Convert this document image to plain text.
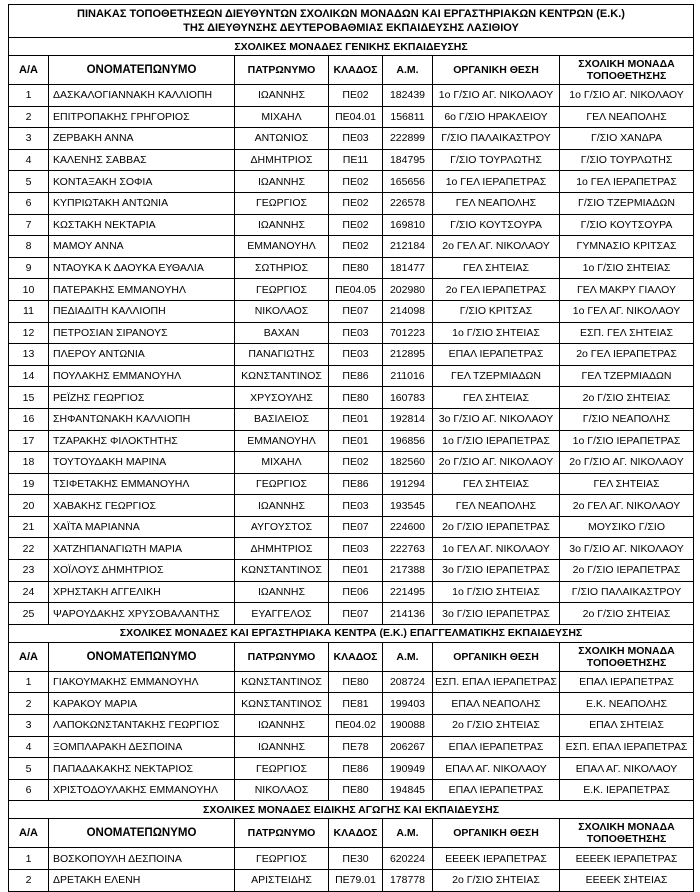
ΠΙΝΑΚΑΣ ΤΟΠΟΘΕΤΗΣΕΩΝ ΔΙΕΥΘΥΝΤΩΝ ΣΧΟΛΙΚΩΝ ΜΟΝΑΔΩΝ ΚΑΙ ΕΡΓΑΣΤΗΡΙΑΚΩΝ ΚΕΝΤΡΩΝ (Ε.Κ.)
ΤΗΣ ΔΙΕΥΘΥΝΣΗΣ ΔΕΥΤΕΡΟΒΑΘΜΙΑΣ ΕΚΠΑΙΔΕΥΣΗΣ ΛΑΣΙΘΙΟΥ						
ΣΧΟΛΙΚΕΣ ΜΟΝΑΔΕΣ ΓΕΝΙΚΗΣ ΕΚΠΑΙΔΕΥΣΗΣ						
Α/Α	ΟΝΟΜΑΤΕΠΩΝΥΜΟ	ΠΑΤΡΩΝΥΜΟ	ΚΛΑΔΟΣ	Α.Μ.	ΟΡΓΑΝΙΚΗ ΘΕΣΗ	ΣΧΟΛΙΚΗ ΜΟΝΑΔΑ
ΤΟΠΟΘΕΤΗΣΗΣ
1	ΔΑΣΚΑΛΟΓΙΑΝΝΑΚΗ ΚΑΛΛΙΟΠΗ	ΙΩΑΝΝΗΣ	ΠΕ02	182439	1ο Γ/ΣΙΟ ΑΓ. ΝΙΚΟΛΑΟΥ	1ο Γ/ΣΙΟ ΑΓ. ΝΙΚΟΛΑΟΥ
2	ΕΠΙΤΡΟΠΑΚΗΣ ΓΡΗΓΟΡΙΟΣ	ΜΙΧΑΗΛ	ΠΕ04.01	156811	6ο Γ/ΣΙΟ ΗΡΑΚΛΕΙΟΥ	ΓΕΛ ΝΕΑΠΟΛΗΣ
3	ΖΕΡΒΑΚΗ ΑΝΝΑ	ΑΝΤΩΝΙΟΣ	ΠΕ03	222899	Γ/ΣΙΟ ΠΑΛΑΙΚΑΣΤΡΟΥ	Γ/ΣΙΟ ΧΑΝΔΡΑ
4	ΚΑΛΕΝΗΣ ΣΑΒΒΑΣ	ΔΗΜΗΤΡΙΟΣ	ΠΕ11	184795	Γ/ΣΙΟ ΤΟΥΡΛΩΤΗΣ	Γ/ΣΙΟ ΤΟΥΡΛΩΤΗΣ
5	ΚΟΝΤΑΞΑΚΗ ΣΟΦΙΑ	ΙΩΑΝΝΗΣ	ΠΕ02	165656	1ο ΓΕΛ ΙΕΡΑΠΕΤΡΑΣ	1ο ΓΕΛ ΙΕΡΑΠΕΤΡΑΣ
6	ΚΥΠΡΙΩΤΑΚΗ ΑΝΤΩΝΙΑ	ΓΕΩΡΓΙΟΣ	ΠΕ02	226578	ΓΕΛ ΝΕΑΠΟΛΗΣ	Γ/ΣΙΟ ΤΖΕΡΜΙΑΔΩΝ
7	ΚΩΣΤΑΚΗ ΝΕΚΤΑΡΙΑ	ΙΩΑΝΝΗΣ	ΠΕ02	169810	Γ/ΣΙΟ ΚΟΥΤΣΟΥΡΑ	Γ/ΣΙΟ ΚΟΥΤΣΟΥΡΑ
8	ΜΑΜΟΥ ΑΝΝΑ	ΕΜΜΑΝΟΥΗΛ	ΠΕ02	212184	2ο ΓΕΛ ΑΓ. ΝΙΚΟΛΑΟΥ	ΓΥΜΝΑΣΙΟ ΚΡΙΤΣΑΣ
9	ΝΤΑΟΥΚΑ Κ ΔΑΟΥΚΑ ΕΥΘΑΛΙΑ	ΣΩΤΗΡΙΟΣ	ΠΕ80	181477	ΓΕΛ ΣΗΤΕΙΑΣ	1ο Γ/ΣΙΟ ΣΗΤΕΙΑΣ
10	ΠΑΤΕΡΑΚΗΣ ΕΜΜΑΝΟΥΗΛ	ΓΕΩΡΓΙΟΣ	ΠΕ04.05	202980	2ο ΓΕΛ ΙΕΡΑΠΕΤΡΑΣ	ΓΕΛ ΜΑΚΡΥ ΓΙΑΛΟΥ
11	ΠΕΔΙΑΔΙΤΗ ΚΑΛΛΙΟΠΗ	ΝΙΚΟΛΑΟΣ	ΠΕ07	214098	Γ/ΣΙΟ ΚΡΙΤΣΑΣ	1ο ΓΕΛ ΑΓ. ΝΙΚΟΛΑΟΥ
12	ΠΕΤΡΟΣΙΑΝ ΣΙΡΑΝΟΥΣ	ΒΑΧΑΝ	ΠΕ03	701223	1ο Γ/ΣΙΟ ΣΗΤΕΙΑΣ	ΕΣΠ. ΓΕΛ ΣΗΤΕΙΑΣ
13	ΠΛΕΡΟΥ ΑΝΤΩΝΙΑ	ΠΑΝΑΓΙΩΤΗΣ	ΠΕ03	212895	ΕΠΑΛ ΙΕΡΑΠΕΤΡΑΣ	2ο ΓΕΛ ΙΕΡΑΠΕΤΡΑΣ
14	ΠΟΥΛΑΚΗΣ ΕΜΜΑΝΟΥΗΛ	ΚΩΝΣΤΑΝΤΙΝΟΣ	ΠΕ86	211016	ΓΕΛ ΤΖΕΡΜΙΑΔΩΝ	ΓΕΛ ΤΖΕΡΜΙΑΔΩΝ
15	ΡΕΪΖΗΣ ΓΕΩΡΓΙΟΣ	ΧΡΥΣΟΥΛΗΣ	ΠΕ80	160783	ΓΕΛ ΣΗΤΕΙΑΣ	2ο Γ/ΣΙΟ ΣΗΤΕΙΑΣ
16	ΣΗΦΑΝΤΩΝΑΚΗ ΚΑΛΛΙΟΠΗ	ΒΑΣΙΛΕΙΟΣ	ΠΕ01	192814	3ο Γ/ΣΙΟ ΑΓ. ΝΙΚΟΛΑΟΥ	Γ/ΣΙΟ ΝΕΑΠΟΛΗΣ
17	ΤΖΑΡΑΚΗΣ ΦΙΛΟΚΤΗΤΗΣ	ΕΜΜΑΝΟΥΗΛ	ΠΕ01	196856	1ο Γ/ΣΙΟ ΙΕΡΑΠΕΤΡΑΣ	1ο Γ/ΣΙΟ ΙΕΡΑΠΕΤΡΑΣ
18	ΤΟΥΤΟΥΔΑΚΗ ΜΑΡΙΝΑ	ΜΙΧΑΗΛ	ΠΕ02	182560	2ο Γ/ΣΙΟ ΑΓ. ΝΙΚΟΛΑΟΥ	2ο Γ/ΣΙΟ ΑΓ. ΝΙΚΟΛΑΟΥ
19	ΤΣΙΦΕΤΑΚΗΣ ΕΜΜΑΝΟΥΗΛ	ΓΕΩΡΓΙΟΣ	ΠΕ86	191294	ΓΕΛ ΣΗΤΕΙΑΣ	ΓΕΛ ΣΗΤΕΙΑΣ
20	ΧΑΒΑΚΗΣ ΓΕΩΡΓΙΟΣ	ΙΩΑΝΝΗΣ	ΠΕ03	193545	ΓΕΛ ΝΕΑΠΟΛΗΣ	2ο ΓΕΛ ΑΓ. ΝΙΚΟΛΑΟΥ
21	ΧΑΪΤΑ ΜΑΡΙΑΝΝΑ	ΑΥΓΟΥΣΤΟΣ	ΠΕ07	224600	2ο Γ/ΣΙΟ ΙΕΡΑΠΕΤΡΑΣ	ΜΟΥΣΙΚΟ Γ/ΣΙΟ
22	ΧΑΤΖΗΠΑΝΑΓΙΩΤΗ ΜΑΡΙΑ	ΔΗΜΗΤΡΙΟΣ	ΠΕ03	222763	1ο ΓΕΛ ΑΓ. ΝΙΚΟΛΑΟΥ	3ο Γ/ΣΙΟ ΑΓ. ΝΙΚΟΛΑΟΥ
23	ΧΟΪΛΟΥΣ ΔΗΜΗΤΡΙΟΣ	ΚΩΝΣΤΑΝΤΙΝΟΣ	ΠΕ01	217388	3ο Γ/ΣΙΟ ΙΕΡΑΠΕΤΡΑΣ	2ο Γ/ΣΙΟ ΙΕΡΑΠΕΤΡΑΣ
24	ΧΡΗΣΤΑΚΗ ΑΓΓΕΛΙΚΗ	ΙΩΑΝΝΗΣ	ΠΕ06	221495	1ο Γ/ΣΙΟ ΣΗΤΕΙΑΣ	Γ/ΣΙΟ ΠΑΛΑΙΚΑΣΤΡΟΥ
25	ΨΑΡΟΥΔΑΚΗΣ ΧΡΥΣΟΒΑΛΑΝΤΗΣ	ΕΥΑΓΓΕΛΟΣ	ΠΕ07	214136	3ο Γ/ΣΙΟ ΙΕΡΑΠΕΤΡΑΣ	2ο Γ/ΣΙΟ ΣΗΤΕΙΑΣ
ΣΧΟΛΙΚΕΣ ΜΟΝΑΔΕΣ ΚΑΙ ΕΡΓΑΣΤΗΡΙΑΚΑ ΚΕΝΤΡΑ (Ε.Κ.) ΕΠΑΓΓΕΛΜΑΤΙΚΗΣ ΕΚΠΑΙΔΕΥΣΗΣ						
Α/Α	ΟΝΟΜΑΤΕΠΩΝΥΜΟ	ΠΑΤΡΩΝΥΜΟ	ΚΛΑΔΟΣ	Α.Μ.	ΟΡΓΑΝΙΚΗ ΘΕΣΗ	ΣΧΟΛΙΚΗ ΜΟΝΑΔΑ
ΤΟΠΟΘΕΤΗΣΗΣ
1	ΓΙΑΚΟΥΜΑΚΗΣ ΕΜΜΑΝΟΥΗΛ	ΚΩΝΣΤΑΝΤΙΝΟΣ	ΠΕ80	208724	ΕΣΠ. ΕΠΑΛ ΙΕΡΑΠΕΤΡΑΣ	ΕΠΑΛ ΙΕΡΑΠΕΤΡΑΣ
2	ΚΑΡΑΚΟΥ ΜΑΡΙΑ	ΚΩΝΣΤΑΝΤΙΝΟΣ	ΠΕ81	199403	ΕΠΑΛ ΝΕΑΠΟΛΗΣ	Ε.Κ. ΝΕΑΠΟΛΗΣ
3	ΛΑΠΟΚΩΝΣΤΑΝΤΑΚΗΣ ΓΕΩΡΓΙΟΣ	ΙΩΑΝΝΗΣ	ΠΕ04.02	190088	2ο Γ/ΣΙΟ ΣΗΤΕΙΑΣ	ΕΠΑΛ ΣΗΤΕΙΑΣ
4	ΞΟΜΠΛΑΡΑΚΗ ΔΕΣΠΟΙΝΑ	ΙΩΑΝΝΗΣ	ΠΕ78	206267	ΕΠΑΛ ΙΕΡΑΠΕΤΡΑΣ	ΕΣΠ. ΕΠΑΛ ΙΕΡΑΠΕΤΡΑΣ
5	ΠΑΠΑΔΑΚΑΚΗΣ ΝΕΚΤΑΡΙΟΣ	ΓΕΩΡΓΙΟΣ	ΠΕ86	190949	ΕΠΑΛ ΑΓ. ΝΙΚΟΛΑΟΥ	ΕΠΑΛ ΑΓ. ΝΙΚΟΛΑΟΥ
6	ΧΡΙΣΤΟΔΟΥΛΑΚΗΣ ΕΜΜΑΝΟΥΗΛ	ΝΙΚΟΛΑΟΣ	ΠΕ80	194845	ΕΠΑΛ ΙΕΡΑΠΕΤΡΑΣ	Ε.Κ. ΙΕΡΑΠΕΤΡΑΣ
ΣΧΟΛΙΚΕΣ ΜΟΝΑΔΕΣ ΕΙΔΙΚΗΣ ΑΓΩΓΗΣ ΚΑΙ ΕΚΠΑΙΔΕΥΣΗΣ						
Α/Α	ΟΝΟΜΑΤΕΠΩΝΥΜΟ	ΠΑΤΡΩΝΥΜΟ	ΚΛΑΔΟΣ	Α.Μ.	ΟΡΓΑΝΙΚΗ ΘΕΣΗ	ΣΧΟΛΙΚΗ ΜΟΝΑΔΑ
ΤΟΠΟΘΕΤΗΣΗΣ
1	ΒΟΣΚΟΠΟΥΛΗ ΔΕΣΠΟΙΝΑ	ΓΕΩΡΓΙΟΣ	ΠΕ30	620224	ΕΕΕΕΚ ΙΕΡΑΠΕΤΡΑΣ	ΕΕΕΕΚ ΙΕΡΑΠΕΤΡΑΣ
2	ΔΡΕΤΑΚΗ ΕΛΕΝΗ	ΑΡΙΣΤΕΙΔΗΣ	ΠΕ79.01	178778	2ο Γ/ΣΙΟ ΣΗΤΕΙΑΣ	ΕΕΕΕΚ ΣΗΤΕΙΑΣ
